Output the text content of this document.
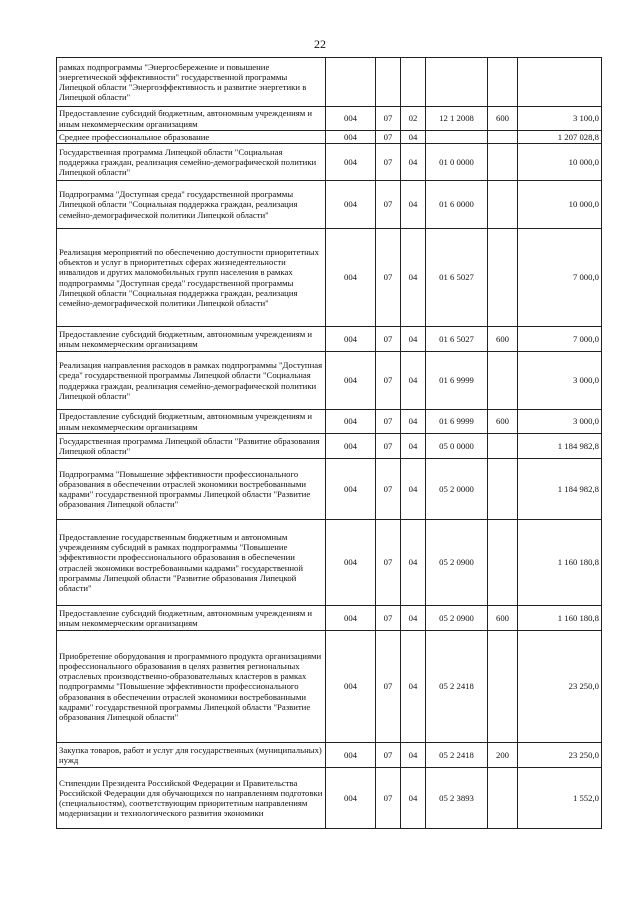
22
рамках подпрограммы "Энергосбережение и повышение энергетической эффективности" государственной программы Липецкой области "Энергоэффективность и развитие энергетики в Липецкой области"						
Предоставление субсидий бюджетным, автономным учреждениям и иным некоммерческим организациям	004	07	02	12 1 2008	600	3 100,0
Среднее профессиональное образование	004	07	04			1 207 028,8
Государственная программа Липецкой области "Социальная поддержка граждан, реализация семейно-демографической политики Липецкой области"	004	07	04	01 0 0000		10 000,0
Подпрограмма "Доступная среда" государственной программы Липецкой области "Социальная поддержка граждан, реализация семейно-демографической политики Липецкой области"	004	07	04	01 6 0000		10 000,0
Реализация мероприятий по обеспечению доступности приоритетных объектов и услуг в приоритетных сферах жизнедеятельности инвалидов и других маломобильных групп населения в рамках подпрограммы "Доступная среда" государственной программы Липецкой области "Социальная поддержка граждан, реализация семейно-демографической политики Липецкой области"	004	07	04	01 6 5027		7 000,0
Предоставление субсидий бюджетным, автономным учреждениям и иным некоммерческим организациям	004	07	04	01 6 5027	600	7 000,0
Реализация направления расходов в рамках подпрограммы "Доступная среда" государственной программы Липецкой области "Социальная поддержка граждан, реализация семейно-демографической политики Липецкой области"	004	07	04	01 6 9999		3 000,0
Предоставление субсидий бюджетным, автономным учреждениям и иным некоммерческим организациям	004	07	04	01 6 9999	600	3 000,0
Государственная программа Липецкой области "Развитие образования Липецкой области"	004	07	04	05 0 0000		1 184 982,8
Подпрограмма "Повышение эффективности профессионального образования в обеспечении отраслей экономики востребованными кадрами" государственной программы Липецкой области "Развитие образования Липецкой области"	004	07	04	05 2 0000		1 184 982,8
Предоставление государственным бюджетным и автономным учреждениям субсидий в рамках подпрограммы "Повышение эффективности профессионального образования в обеспечении отраслей экономики востребованными кадрами" государственной программы Липецкой области "Развитие образования Липецкой области"	004	07	04	05 2 0900		1 160 180,8
Предоставление субсидий бюджетным, автономным учреждениям и иным некоммерческим организациям	004	07	04	05 2 0900	600	1 160 180,8
Приобретение оборудования и программного продукта организациями профессионального образования в целях развития региональных отраслевых производственно-образовательных кластеров в рамках подпрограммы "Повышение эффективности профессионального образования в обеспечении отраслей экономики востребованными кадрами" государственной программы Липецкой области "Развитие образования Липецкой области"	004	07	04	05 2 2418		23 250,0
Закупка товаров, работ и услуг для государственных (муниципальных) нужд	004	07	04	05 2 2418	200	23 250,0
Стипендии Президента Российской Федерации и Правительства Российской Федерации для обучающихся по направлениям подготовки (специальностям), соответствующим приоритетным направлениям модернизации и технологического развития экономики	004	07	04	05 2 3893		1 552,0
